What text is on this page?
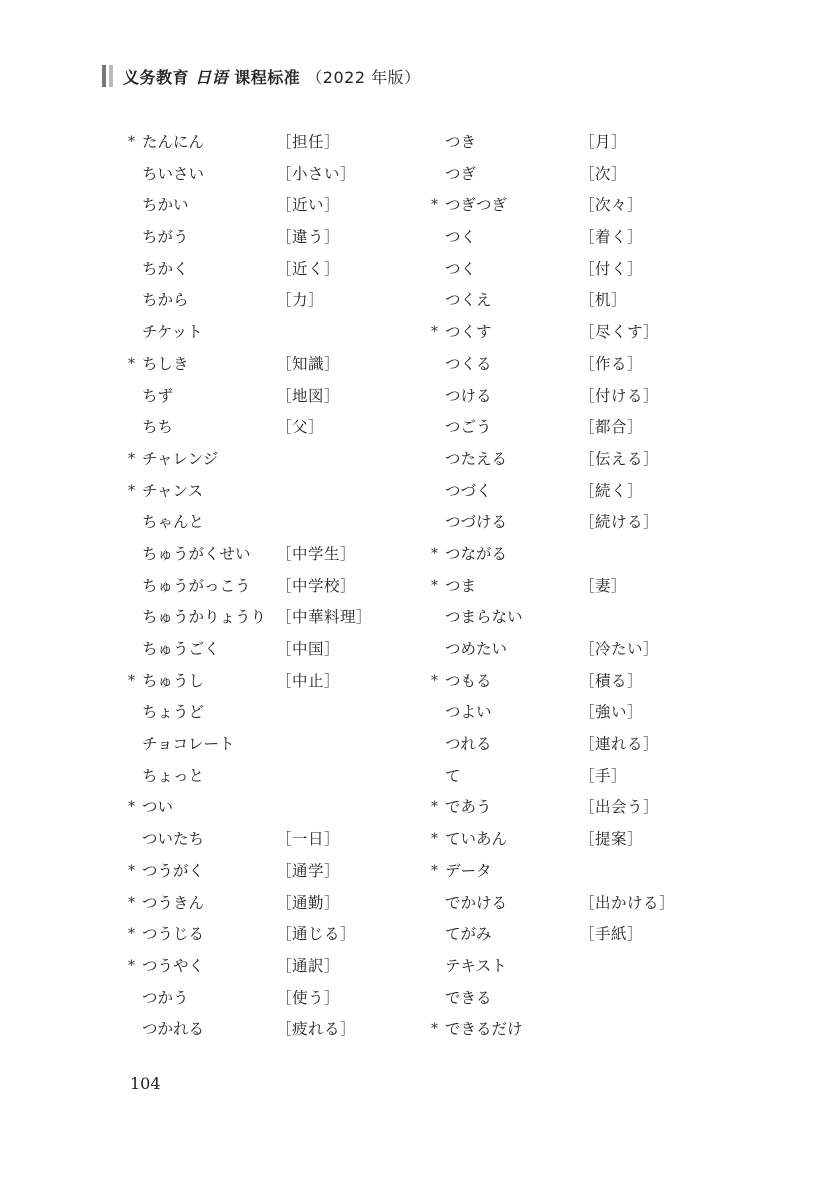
义务教育 日语 课程标准 （2022 年版）
* たんにん	［担任］
ちいさい	［小さい］
ちかい	［近い］
ちがう	［違う］
ちかく	［近く］
ちから	［力］
チケット
* ちしき	［知識］
ちず	［地図］
ちち	［父］
* チャレンジ
* チャンス
ちゃんと
ちゅうがくせい ［中学生］
ちゅうがっこう ［中学校］
ちゅうかりょうり ［中華料理］
ちゅうごく	［中国］
* ちゅうし	［中止］
ちょうど
チョコレート
ちょっと
* つい
ついたち	［一日］
* つうがく	［通学］
* つうきん	［通勤］
* つうじる	［通じる］
* つうやく	［通訳］
つかう	［使う］
つかれる	［疲れる］
つき	［月］
つぎ	［次］
* つぎつぎ	［次々］
つく	［着く］
つく	［付く］
つくえ	［机］
* つくす	［尽くす］
つくる	［作る］
つける	［付ける］
つごう	［都合］
つたえる	［伝える］
つづく	［続く］
つづける	［続ける］
* つながる
* つま	［妻］
つまらない
つめたい	［冷たい］
* つもる	［積る］
つよい	［強い］
つれる	［連れる］
て	［手］
* であう	［出会う］
* ていあん	［提案］
* データ
でかける	［出かける］
てがみ	［手紙］
テキスト
できる
* できるだけ
104
